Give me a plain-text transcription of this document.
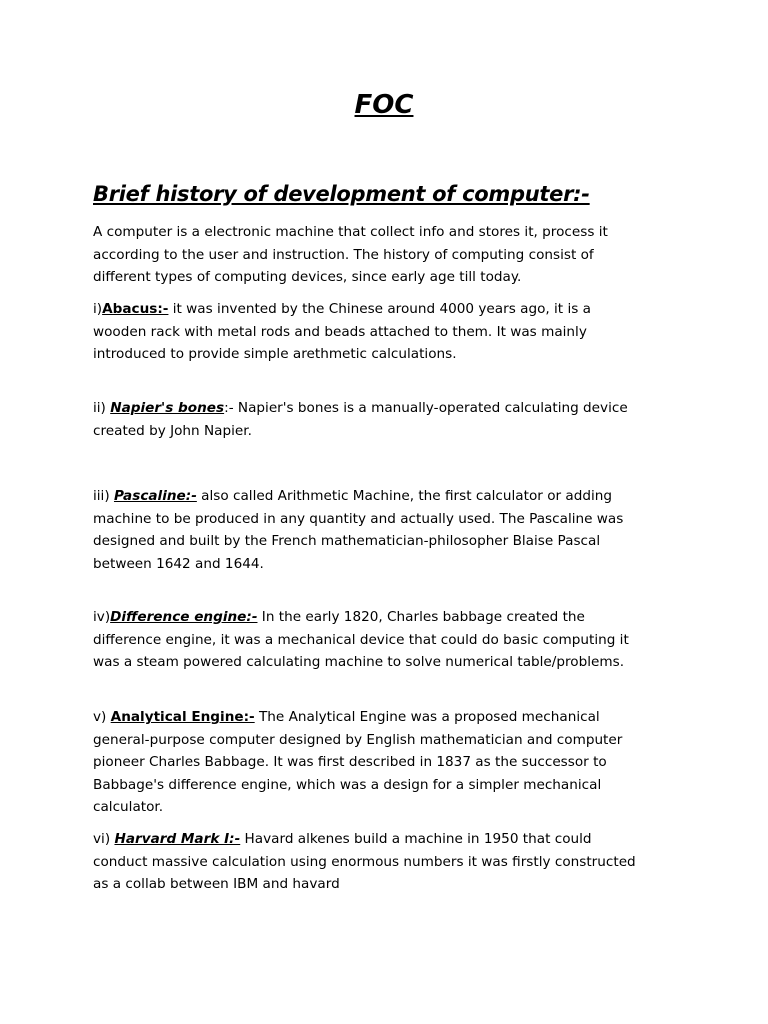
FOC
Brief history of development of computer:-

A computer is a electronic machine that collect info and stores it, process it
according to the user and instruction. The history of computing consist of
different types of computing devices, since early age till today.

i)Abacus:- it was invented by the Chinese around 4000 years ago, it is a
wooden rack with metal rods and beads attached to them. It was mainly
introduced to provide simple arethmetic calculations.

ii) Napier's bones:- Napier's bones is a manually-operated calculating device
created by John Napier.

iii) Pascaline:- also called Arithmetic Machine, the first calculator or adding
machine to be produced in any quantity and actually used. The Pascaline was
designed and built by the French mathematician-philosopher Blaise Pascal
between 1642 and 1644.

iv)Difference engine:- In the early 1820, Charles babbage created the
difference engine, it was a mechanical device that could do basic computing it
was a steam powered calculating machine to solve numerical table/problems.

v) Analytical Engine:- The Analytical Engine was a proposed mechanical
general-purpose computer designed by English mathematician and computer
pioneer Charles Babbage. It was first described in 1837 as the successor to
Babbage's difference engine, which was a design for a simpler mechanical
calculator.

vi) Harvard Mark I:- Havard alkenes build a machine in 1950 that could
conduct massive calculation using enormous numbers it was firstly constructed
as a collab between IBM and havard
